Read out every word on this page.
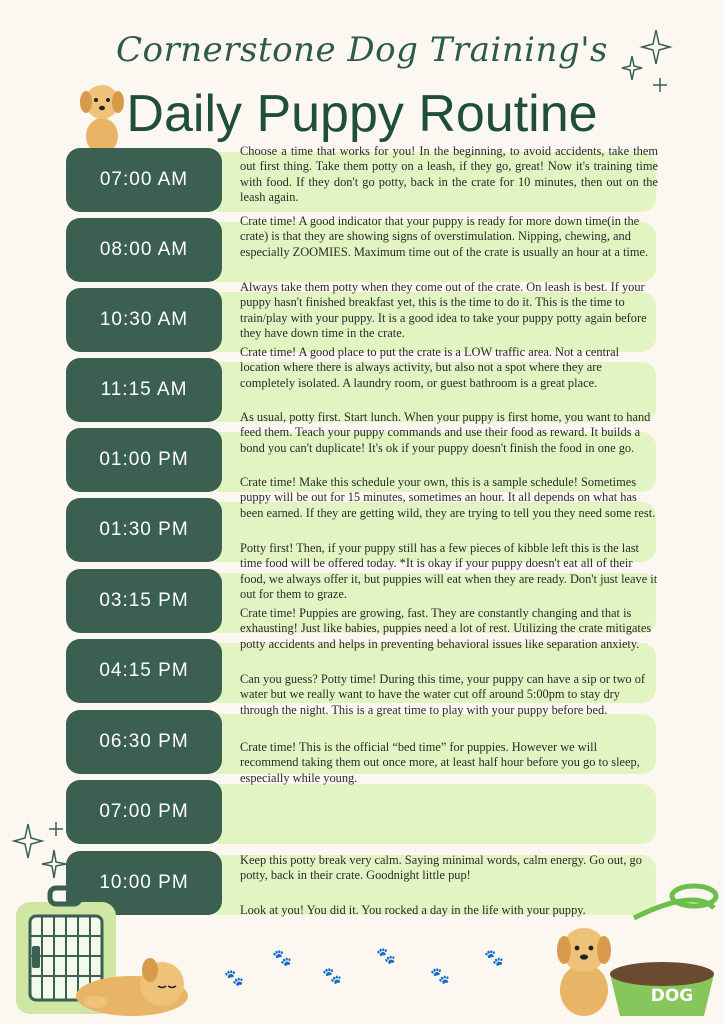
Cornerstone Dog Training's
Daily Puppy Routine
07:00 AM
08:00 AM
10:30 AM
11:15 AM
01:00 PM
01:30 PM
03:15 PM
04:15 PM
06:30 PM
07:00 PM
10:00 PM
Choose a time that works for you! In the beginning, to avoid accidents, take them out first thing. Take them potty on a leash, if they go, great! Now it's training time with food. If they don't go potty, back in the crate for 10 minutes, then out on the leash again.
Crate time! A good indicator that your puppy is ready for more down time(in the crate) is that they are showing signs of overstimulation. Nipping, chewing, and especially ZOOMIES. Maximum time out of the crate is usually an hour at a time.
Always take them potty when they come out of the crate. On leash is best. If your puppy hasn't finished breakfast yet, this is the time to do it. This is the time to train/play with your puppy. It is a good idea to take your puppy potty again before they have down time in the crate.
Crate time! A good place to put the crate is a LOW traffic area. Not a central location where there is always activity, but also not a spot where they are completely isolated. A laundry room, or guest bathroom is a great place.
As usual, potty first. Start lunch. When your puppy is first home, you want to hand feed them. Teach your puppy commands and use their food as reward. It builds a bond you can't duplicate! It's ok if your puppy doesn't finish the food in one go.
Crate time! Make this schedule your own, this is a sample schedule! Sometimes puppy will be out for 15 minutes, sometimes an hour. It all depends on what has been earned. If they are getting wild, they are trying to tell you they need some rest.
Potty first! Then, if your puppy still has a few pieces of kibble left this is the last time food will be offered today. *It is okay if your puppy doesn't eat all of their food, we always offer it, but puppies will eat when they are ready. Don't just leave it out for them to graze.
Crate time! Puppies are growing, fast. They are constantly changing and that is exhausting! Just like babies, puppies need a lot of rest. Utilizing the crate mitigates potty accidents and helps in preventing behavioral issues like separation anxiety.
Can you guess? Potty time! During this time, your puppy can have a sip or two of water but we really want to have the water cut off around 5:00pm to stay dry through the night. This is a great time to play with your puppy before bed.
Crate time! This is the official “bed time” for puppies. However we will recommend taking them out once more, at least half hour before you go to sleep, especially while young.
Keep this potty break very calm. Saying minimal words, calm energy. Go out, go potty, back in their crate. Goodnight little pup!
Look at you! You did it. You rocked a day in the life with your puppy.
🐾
🐾
🐾
🐾
🐾
🐾
DOG
